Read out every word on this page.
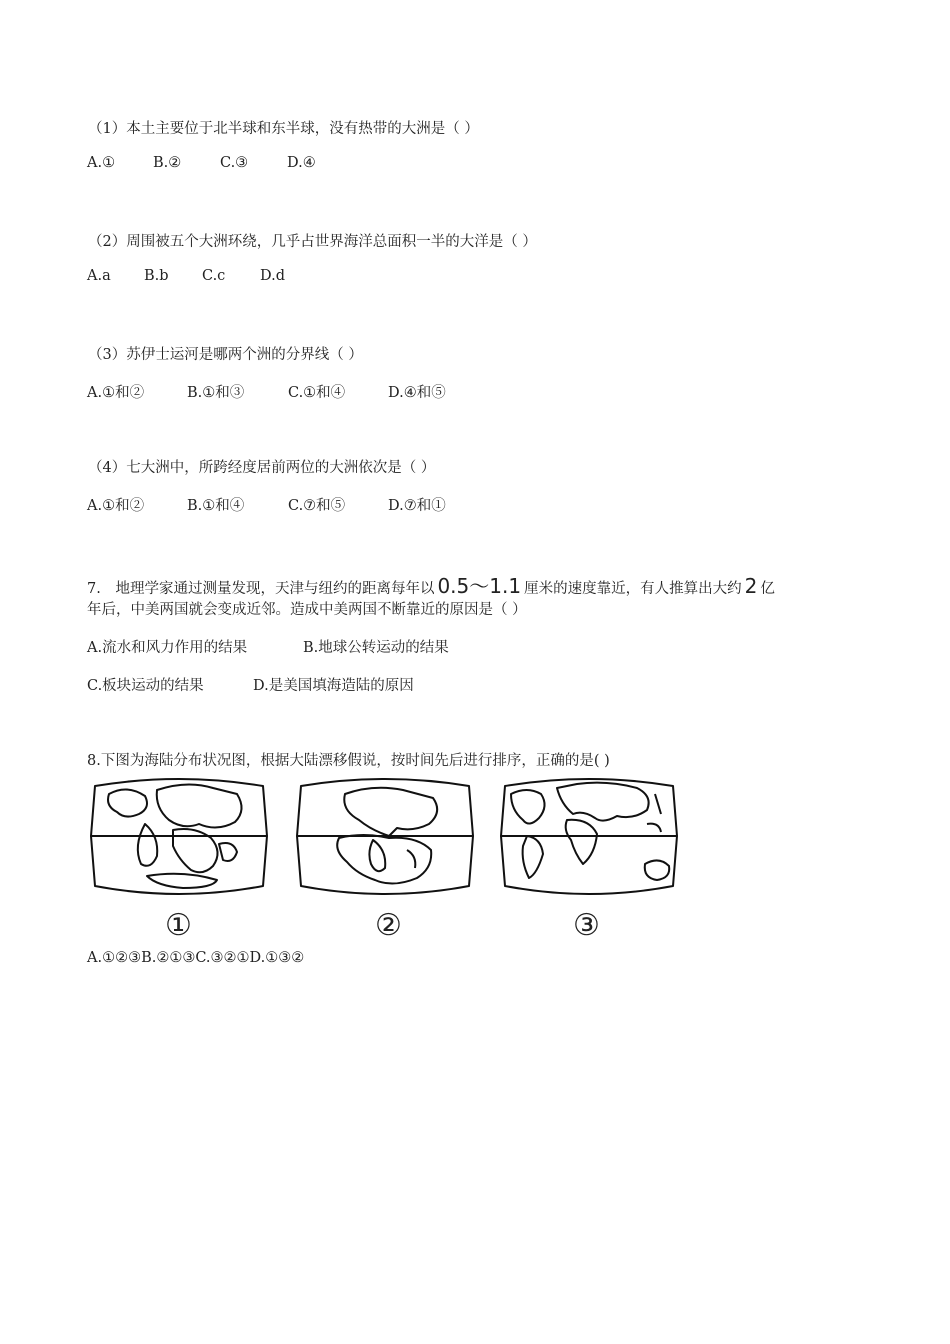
（1）本土主要位于北半球和东半球，没有热带的大洲是（ ）
A.①	B.②	C.③	D.④
（2）周围被五个大洲环绕，几乎占世界海洋总面积一半的大洋是（ ）
A.a B.b C.c D.d
（3）苏伊士运河是哪两个洲的分界线（ ）
A.①和②	B.①和③	C.①和④	D.④和⑤
（4）七大洲中，所跨经度居前两位的大洲依次是（ ）
A.①和②	B.①和④	C.⑦和⑤	D.⑦和①
7. 地理学家通过测量发现，天津与纽约的距离每年以 0.5～1.1 厘米的速度靠近，有人推算出大约 2 亿
年后，中美两国就会变成近邻。造成中美两国不断靠近的原因是（ ）
A.流水和风力作用的结果	B.地球公转运动的结果
C.板块运动的结果	D.是美国填海造陆的原因
8.下图为海陆分布状况图，根据大陆漂移假说，按时间先后进行排序，正确的是( )
①	②	③
A.①②③B.②①③C.③②①D.①③②
